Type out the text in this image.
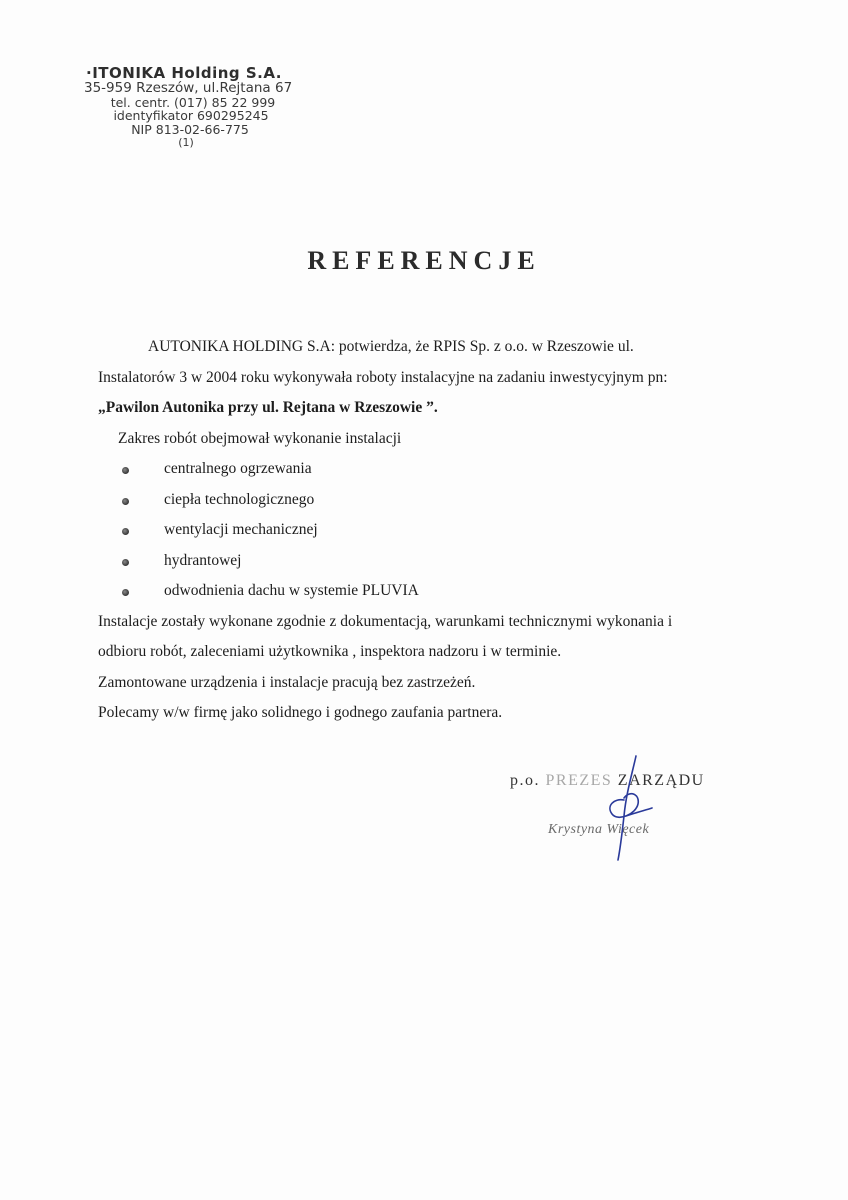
·ITONIKA Holding S.A.
35-959 Rzeszów, ul.Rejtana 67
tel. centr. (017) 85 22 999
identyfikator 690295245
NIP 813-02-66-775
(1)
REFERENCJE

AUTONIKA HOLDING S.A: potwierdza, że RPIS Sp. z o.o. w Rzeszowie ul.

Instalatorów 3 w 2004 roku wykonywała roboty instalacyjne na zadaniu inwestycyjnym pn:

„Pawilon Autonika przy ul. Rejtana w Rzeszowie ”.

Zakres robót obejmował wykonanie instalacji

centralnego ogrzewania
ciepła technologicznego
wentylacji mechanicznej
hydrantowej
odwodnienia dachu w systemie PLUVIA

Instalacje zostały wykonane zgodnie z dokumentacją, warunkami technicznymi wykonania i

odbioru robót, zaleceniami użytkownika , inspektora nadzoru i w terminie.

Zamontowane urządzenia i instalacje pracują bez zastrzeżeń.

Polecamy w/w firmę jako solidnego i godnego zaufania partnera.

p.o. PREZES ZARZĄDU
Krystyna Więcek
